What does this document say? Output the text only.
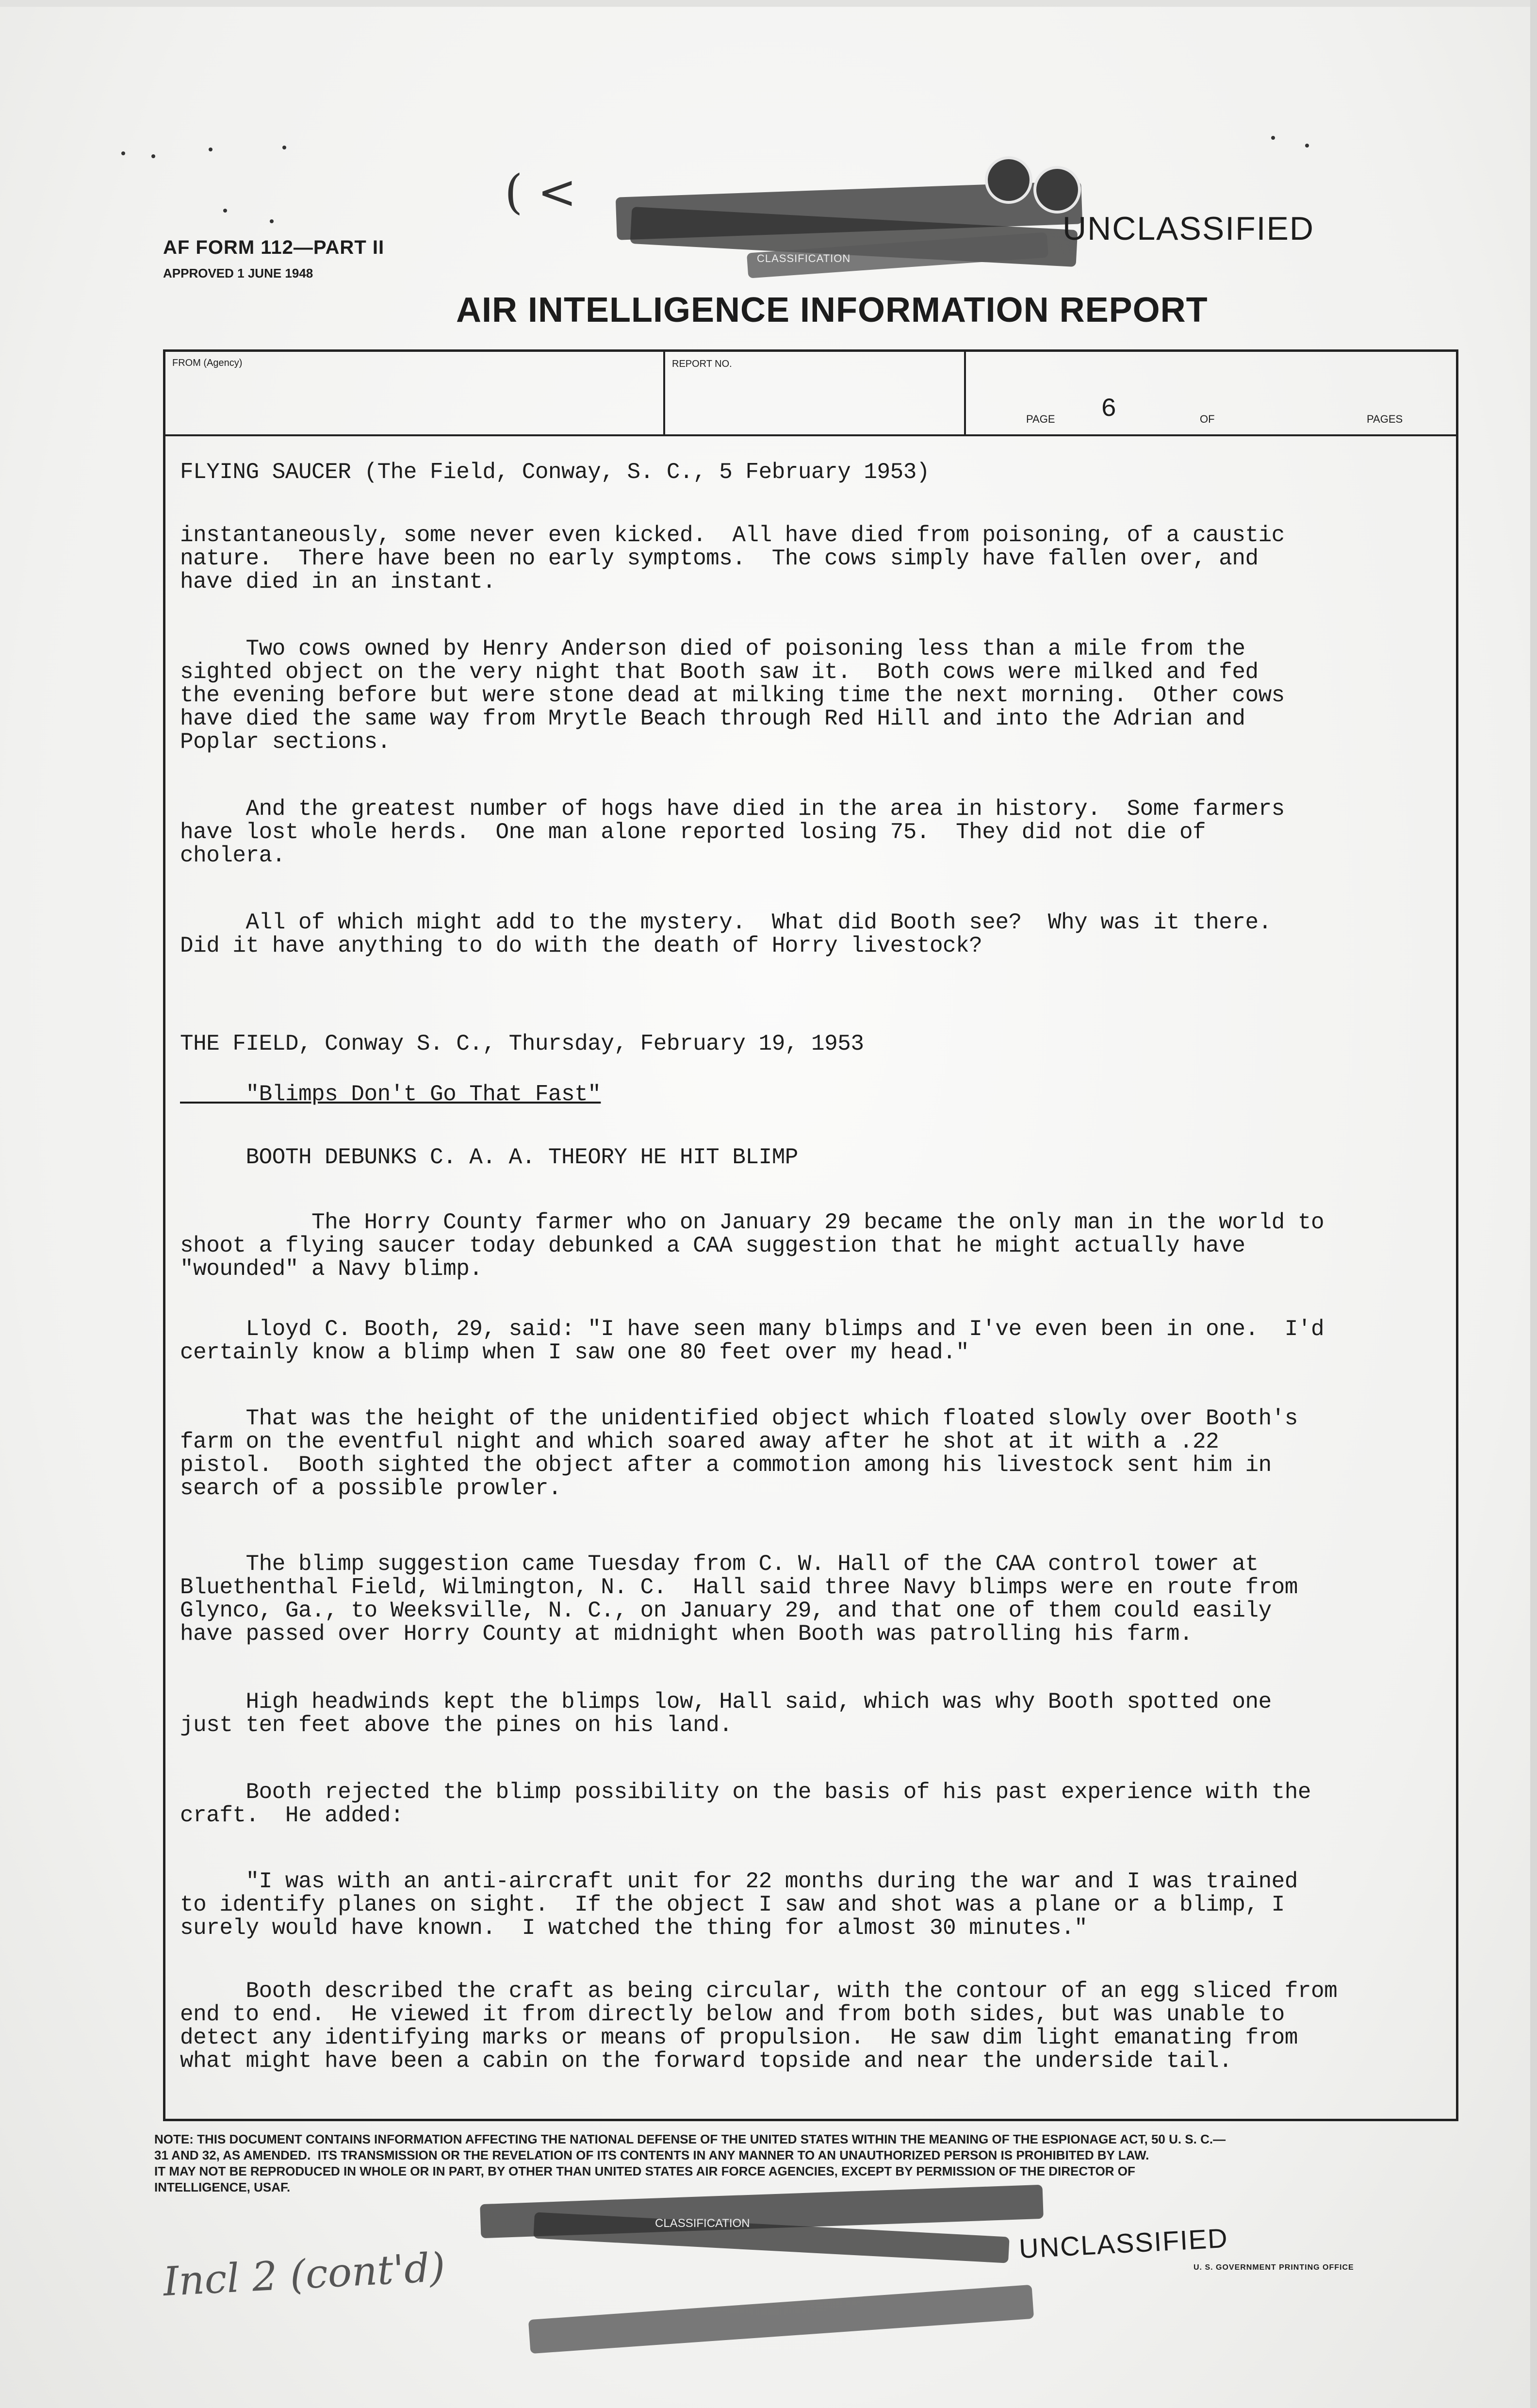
( <
AF FORM 112—PART II
APPROVED 1 JUNE 1948
CLASSIFICATION
UNCLASSIFIED
AIR INTELLIGENCE INFORMATION REPORT
FROM (Agency)	REPORT NO.
PAGE 6	OF	PAGES
FLYING SAUCER (The Field, Conway, S. C., 5 February 1953)
instantaneously, some never even kicked.  All have died from poisoning, of a caustic
nature.  There have been no early symptoms.  The cows simply have fallen over, and
have died in an instant.
Two cows owned by Henry Anderson died of poisoning less than a mile from the
sighted object on the very night that Booth saw it.  Both cows were milked and fed
the evening before but were stone dead at milking time the next morning.  Other cows
have died the same way from Mrytle Beach through Red Hill and into the Adrian and
Poplar sections.
And the greatest number of hogs have died in the area in history.  Some farmers
have lost whole herds.  One man alone reported losing 75.  They did not die of
cholera.
All of which might add to the mystery.  What did Booth see?  Why was it there.
Did it have anything to do with the death of Horry livestock?
THE FIELD, Conway S. C., Thursday, February 19, 1953
"Blimps Don't Go That Fast"
BOOTH DEBUNKS C. A. A. THEORY HE HIT BLIMP
The Horry County farmer who on January 29 became the only man in the world to
shoot a flying saucer today debunked a CAA suggestion that he might actually have
"wounded" a Navy blimp.
Lloyd C. Booth, 29, said: "I have seen many blimps and I've even been in one.  I'd
certainly know a blimp when I saw one 80 feet over my head."
That was the height of the unidentified object which floated slowly over Booth's
farm on the eventful night and which soared away after he shot at it with a .22
pistol.  Booth sighted the object after a commotion among his livestock sent him in
search of a possible prowler.
The blimp suggestion came Tuesday from C. W. Hall of the CAA control tower at
Bluethenthal Field, Wilmington, N. C.  Hall said three Navy blimps were en route from
Glynco, Ga., to Weeksville, N. C., on January 29, and that one of them could easily
have passed over Horry County at midnight when Booth was patrolling his farm.
High headwinds kept the blimps low, Hall said, which was why Booth spotted one
just ten feet above the pines on his land.
Booth rejected the blimp possibility on the basis of his past experience with the
craft.  He added:
"I was with an anti-aircraft unit for 22 months during the war and I was trained
to identify planes on sight.  If the object I saw and shot was a plane or a blimp, I
surely would have known.  I watched the thing for almost 30 minutes."
Booth described the craft as being circular, with the contour of an egg sliced from
end to end.  He viewed it from directly below and from both sides, but was unable to
detect any identifying marks or means of propulsion.  He saw dim light emanating from
what might have been a cabin on the forward topside and near the underside tail.
NOTE: THIS DOCUMENT CONTAINS INFORMATION AFFECTING THE NATIONAL DEFENSE OF THE UNITED STATES WITHIN THE MEANING OF THE ESPIONAGE ACT, 50 U. S. C.—
31 AND 32, AS AMENDED.  ITS TRANSMISSION OR THE REVELATION OF ITS CONTENTS IN ANY MANNER TO AN UNAUTHORIZED PERSON IS PROHIBITED BY LAW.
IT MAY NOT BE REPRODUCED IN WHOLE OR IN PART, BY OTHER THAN UNITED STATES AIR FORCE AGENCIES, EXCEPT BY PERMISSION OF THE DIRECTOR OF
INTELLIGENCE, USAF.
CLASSIFICATION	UNCLASSIFIED
U. S. GOVERNMENT PRINTING OFFICE
Incl 2 (cont'd)
